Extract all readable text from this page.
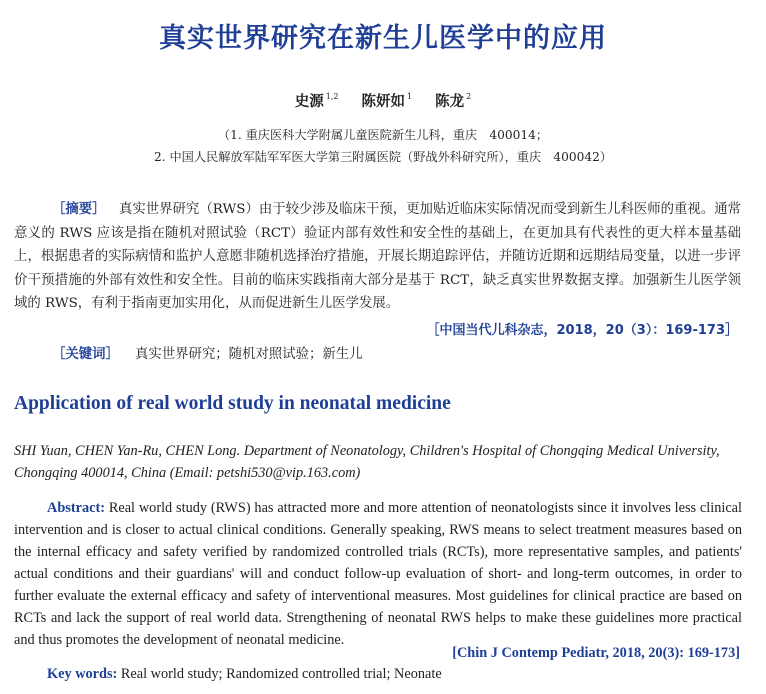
真实世界研究在新生儿医学中的应用
史源 $^{1,2}$ 陈妍如 $^1$ 陈龙 $^2$
（1. 重庆医科大学附属儿童医院新生儿科，重庆　400014；
2. 中国人民解放军陆军军医大学第三附属医院（野战外科研究所），重庆　400042）
［摘要］  真实世界研究（RWS）由于较少涉及临床干预，更加贴近临床实际情况而受到新生儿科医师的重视。通常意义的 RWS 应该是指在随机对照试验（RCT）验证内部有效性和安全性的基础上，在更加具有代表性的更大样本量基础上，根据患者的实际病情和监护人意愿非随机选择治疗措施，开展长期追踪评估，并随访近期和远期结局变量，以进一步评价干预措施的外部有效性和安全性。目前的临床实践指南大部分是基于 RCT，缺乏真实世界数据支撑。加强新生儿医学领域的 RWS，有利于指南更加实用化，从而促进新生儿医学发展。
［中国当代儿科杂志，2018，20（3）：169-173］
［关键词］ 真实世界研究；随机对照试验；新生儿
Application of real world study in neonatal medicine
SHI Yuan, CHEN Yan-Ru, CHEN Long. Department of Neonatology, Children's Hospital of Chongqing Medical University, Chongqing 400014, China (Email: petshi530@vip.163.com)
Abstract: Real world study (RWS) has attracted more and more attention of neonatologists since it involves less clinical intervention and is closer to actual clinical conditions. Generally speaking, RWS means to select treatment measures based on the internal efficacy and safety verified by randomized controlled trials (RCTs), more representative samples, and patients' actual conditions and their guardians' will and conduct follow-up evaluation of short- and long-term outcomes, in order to further evaluate the external efficacy and safety of interventional measures. Most guidelines for clinical practice are based on RCTs and lack the support of real world data. Strengthening of neonatal RWS helps to make these guidelines more practical and thus promotes the development of neonatal medicine.
[Chin J Contemp Pediatr, 2018, 20(3): 169-173]
Key words: Real world study; Randomized controlled trial; Neonate
